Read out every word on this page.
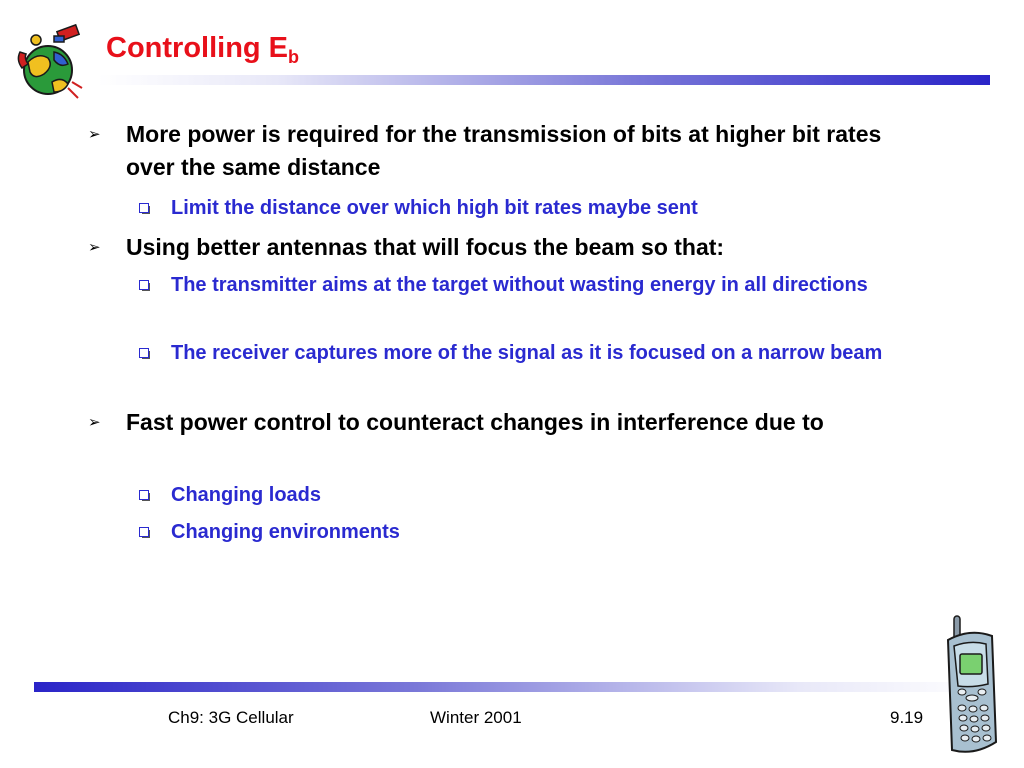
Controlling $E_b$
➢ More power is required for the transmission of bits at higher bit rates over the same distance
Limit the distance over which high bit rates maybe sent
➢ Using better antennas that will focus the beam so that:
The transmitter aims at the target without wasting energy in all directions
The receiver captures more of the signal as it is focused on a narrow beam
➢ Fast power control to counteract changes in interference due to
Changing loads
Changing environments
Ch9: 3G Cellular	Winter 2001	9.19
